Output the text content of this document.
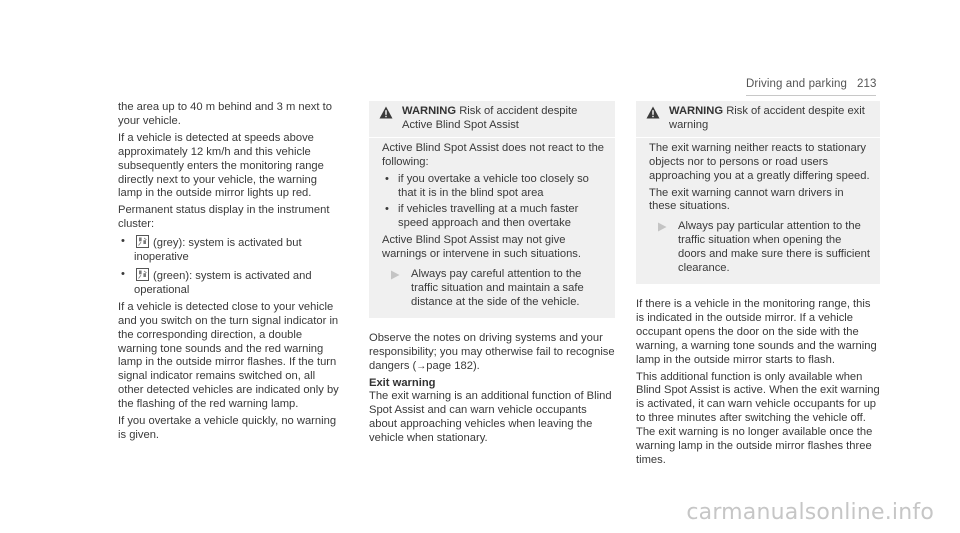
Driving and parking 213

the area up to 40 m behind and 3 m next to your vehicle.

If a vehicle is detected at speeds above approximately 12 km/h and this vehicle subsequently enters the monitoring range directly next to your vehicle, the warning lamp in the outside mirror lights up red.

Permanent status display in the instrument cluster:

•	(grey): system is activated but inoperative
•	(green): system is activated and operational

If a vehicle is detected close to your vehicle and you switch on the turn signal indicator in the corresponding direction, a double warning tone sounds and the red warning lamp in the outside mirror flashes. If the turn signal indicator remains switched on, all other detected vehicles are indicated only by the flashing of the red warning lamp.

If you overtake a vehicle quickly, no warning is given.

WARNING Risk of accident despite Active Blind Spot Assist

Active Blind Spot Assist does not react to the following:

• if you overtake a vehicle too closely so that it is in the blind spot area
• if vehicles travelling at a much faster speed approach and then overtake

Active Blind Spot Assist may not give warnings or intervene in such situations.

Always pay careful attention to the traffic situation and maintain a safe distance at the side of the vehicle.

Observe the notes on driving systems and your responsibility; you may otherwise fail to recognise dangers (→page 182).

Exit warning

The exit warning is an additional function of Blind Spot Assist and can warn vehicle occupants about approaching vehicles when leaving the vehicle when stationary.

WARNING Risk of accident despite exit warning

The exit warning neither reacts to stationary objects nor to persons or road users approaching you at a greatly differing speed.

The exit warning cannot warn drivers in these situations.

Always pay particular attention to the traffic situation when opening the doors and make sure there is sufficient clearance.

If there is a vehicle in the monitoring range, this is indicated in the outside mirror. If a vehicle occupant opens the door on the side with the warning, a warning tone sounds and the warning lamp in the outside mirror starts to flash.

This additional function is only available when Blind Spot Assist is active. When the exit warning is activated, it can warn vehicle occupants for up to three minutes after switching the vehicle off. The exit warning is no longer available once the warning lamp in the outside mirror flashes three times.

carmanualsonline.info
